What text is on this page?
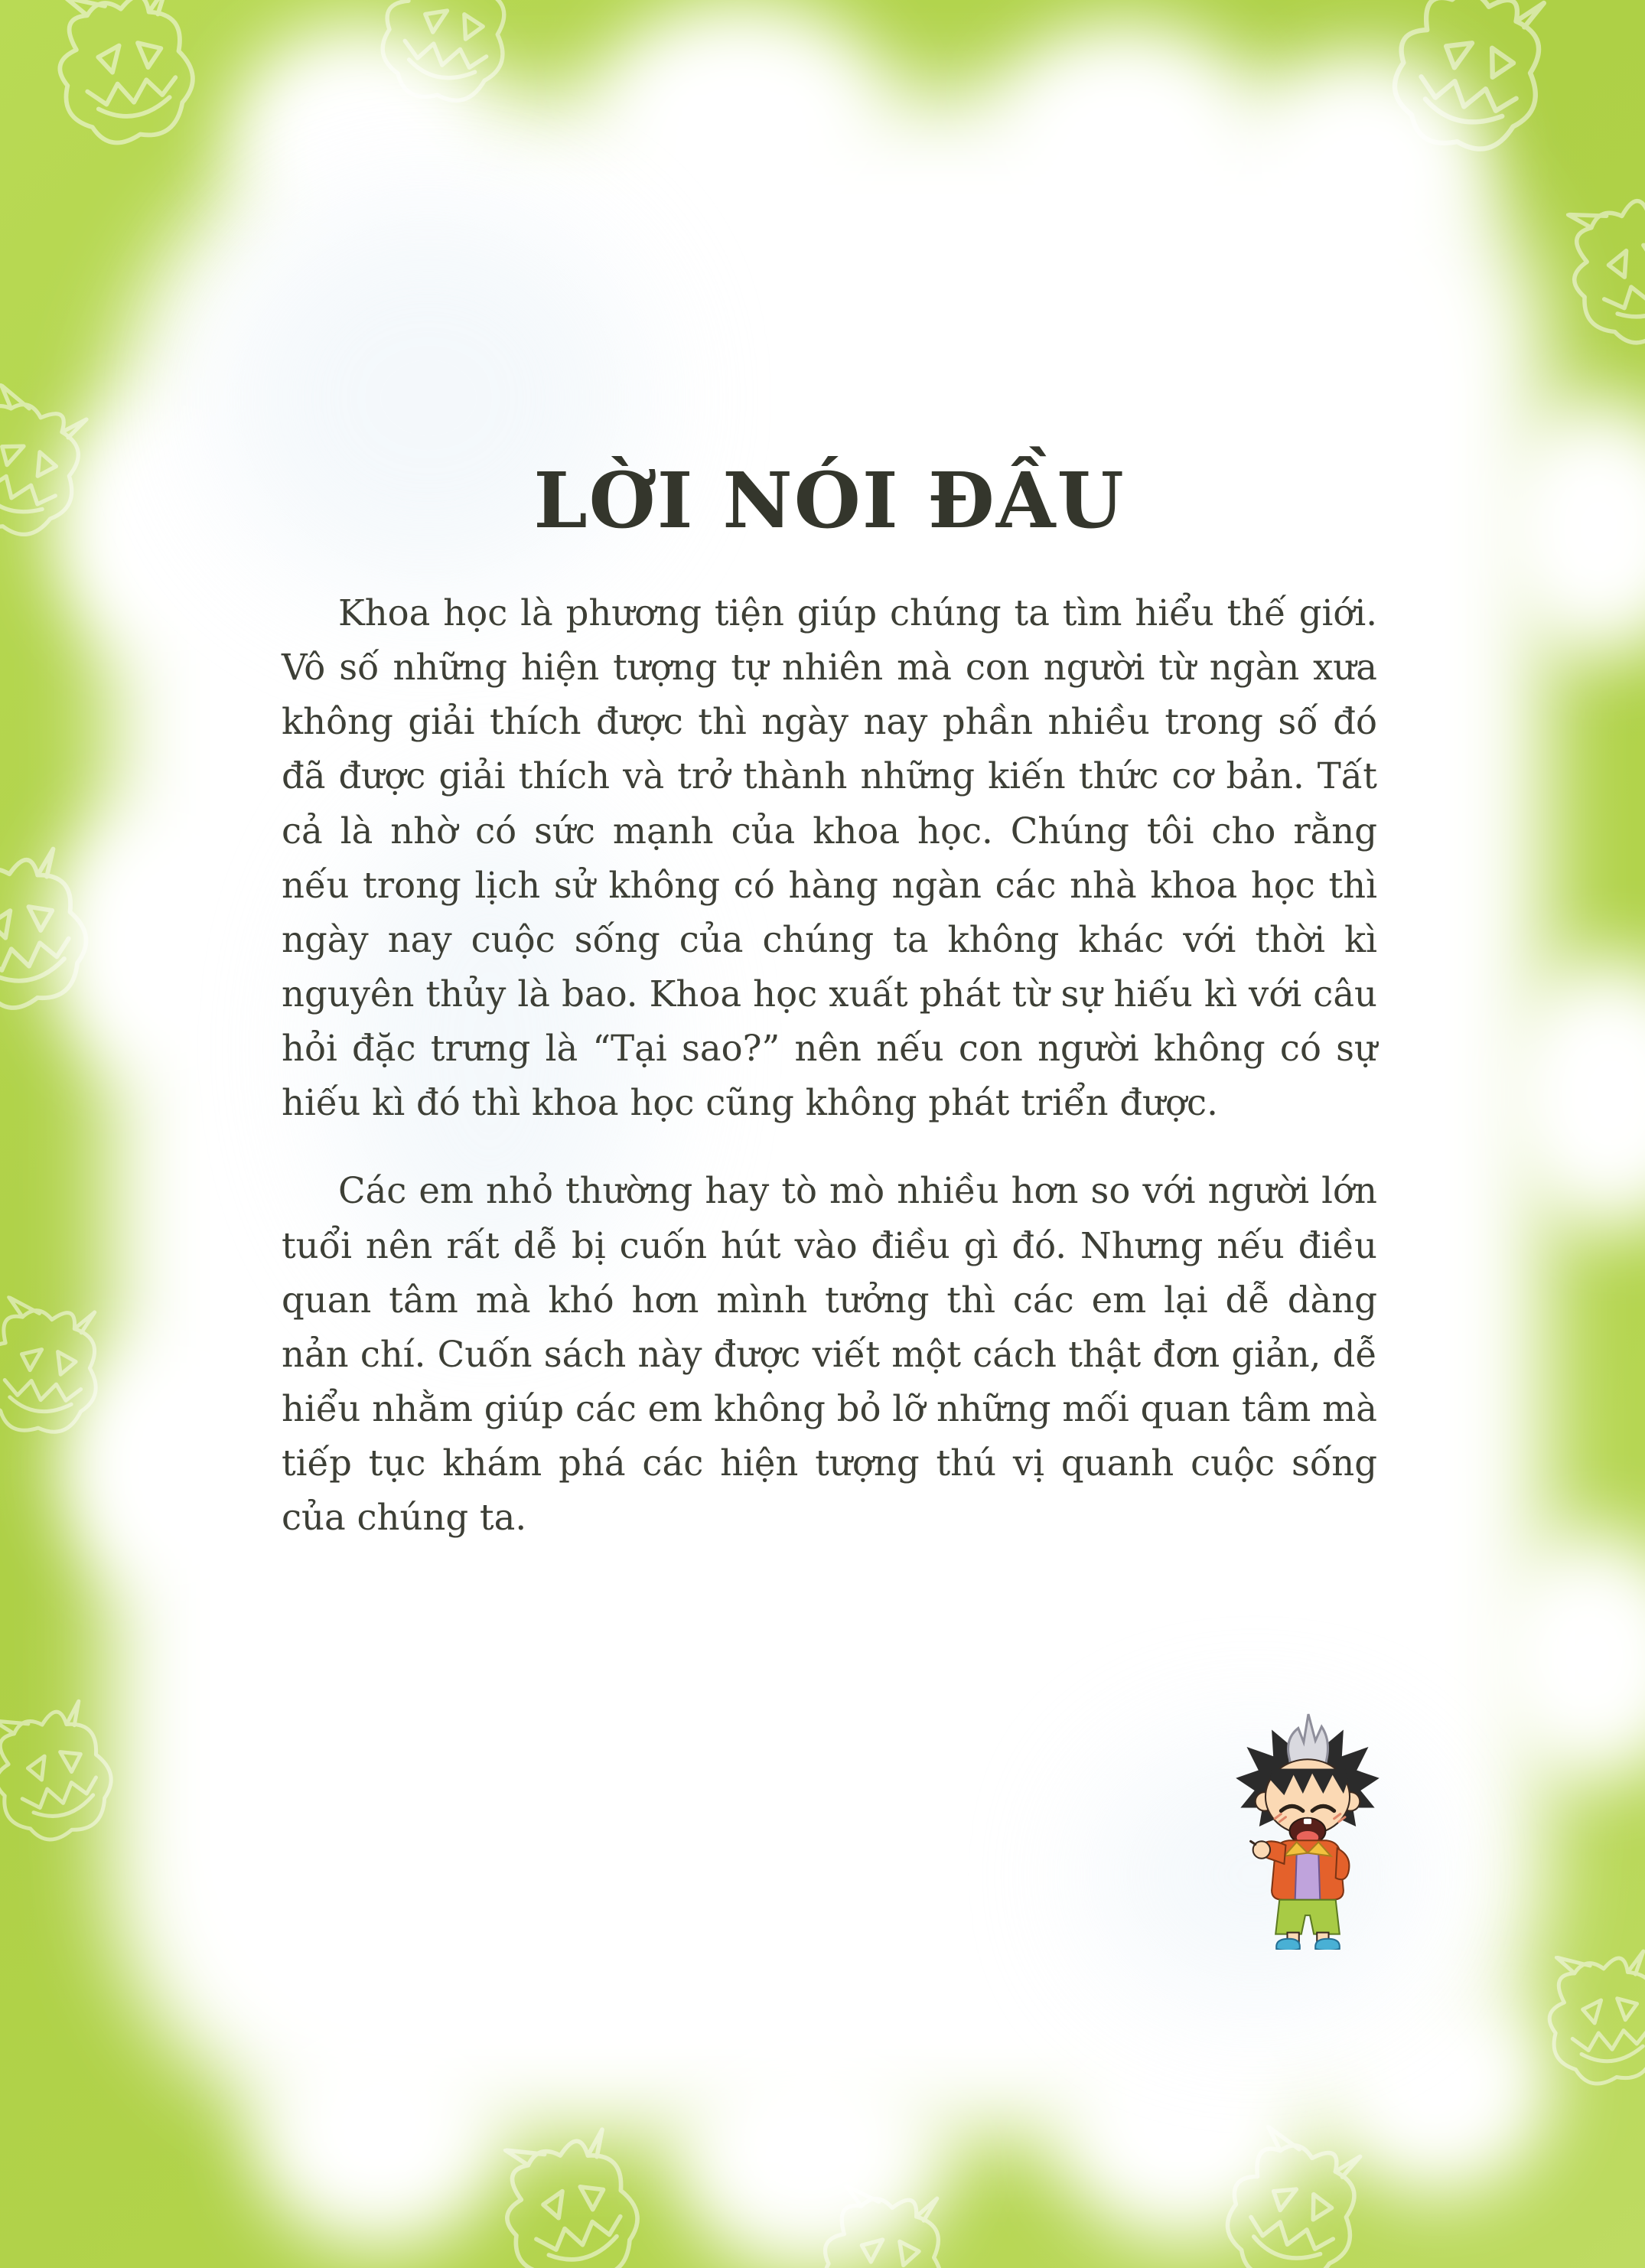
LỜI NÓI ĐẦU

Khoa học là phương tiện giúp chúng ta tìm hiểu thế giới. Vô số những hiện tượng tự nhiên mà con người từ ngàn xưa không giải thích được thì ngày nay phần nhiều trong số đó đã được giải thích và trở thành những kiến thức cơ bản. Tất cả là nhờ có sức mạnh của khoa học. Chúng tôi cho rằng nếu trong lịch sử không có hàng ngàn các nhà khoa học thì ngày nay cuộc sống của chúng ta không khác với thời kì nguyên thủy là bao. Khoa học xuất phát từ sự hiếu kì với câu hỏi đặc trưng là “Tại sao?” nên nếu con người không có sự hiếu kì đó thì khoa học cũng không phát triển được.

Các em nhỏ thường hay tò mò nhiều hơn so với người lớn tuổi nên rất dễ bị cuốn hút vào điều gì đó. Nhưng nếu điều quan tâm mà khó hơn mình tưởng thì các em lại dễ dàng nản chí. Cuốn sách này được viết một cách thật đơn giản, dễ hiểu nhằm giúp các em không bỏ lỡ những mối quan tâm mà tiếp tục khám phá các hiện tượng thú vị quanh cuộc sống của chúng ta.
